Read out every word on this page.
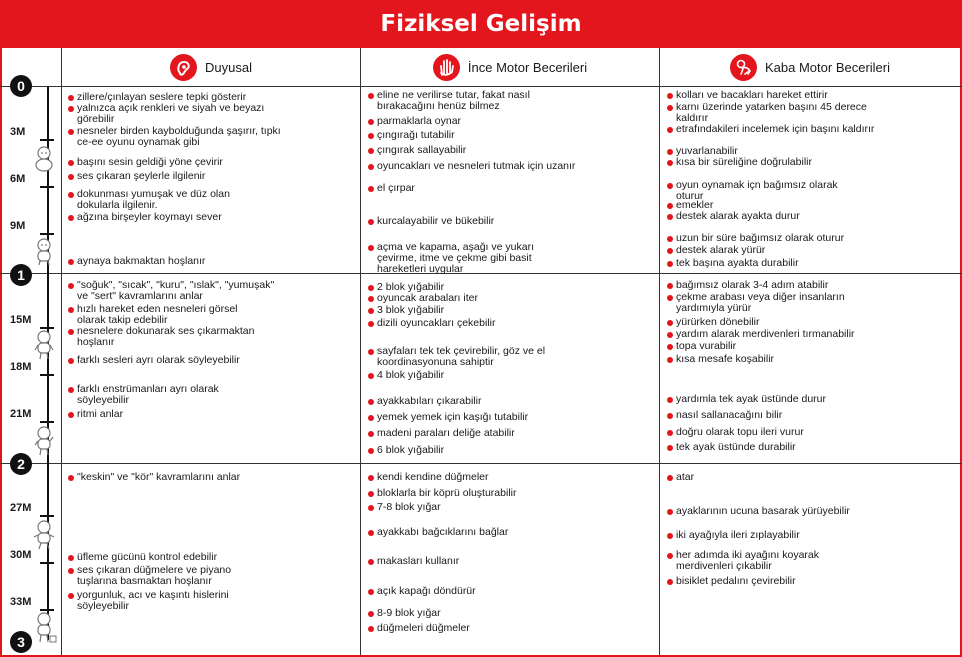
Fiziksel Gelişim
Duyusal	İnce Motor Becerileri	Kaba Motor Becerileri
0
1
2
3
3M
6M
9M
15M
18M
21M
27M
30M
33M
zillere/çınlayan seslere tepki gösterir
yalnızca açık renkleri ve siyah ve beyazı görebilir
nesneler birden kaybolduğunda şaşırır, tıpkı ce-ee oyunu oynamak gibi
başını sesin geldiği yöne çevirir
ses çıkaran şeylerle ilgilenir
dokunması yumuşak ve düz olan dokularla ilgilenir.
ağzına birşeyler koymayı sever
aynaya bakmaktan hoşlanır
eline ne verilirse tutar, fakat nasıl bırakacağını henüz bilmez
parmaklarla oynar
çıngırağı tutabilir
çıngırak sallayabilir
oyuncakları ve nesneleri tutmak için uzanır
el çırpar
kurcalayabilir ve bükebilir
açma ve kapama, aşağı ve yukarı çevirme, itme ve çekme gibi basit hareketleri uygular
kolları ve bacakları hareket ettirir
karnı üzerinde yatarken başını 45 derece kaldırır
etrafındakileri incelemek için başını kaldırır
yuvarlanabilir
kısa bir süreliğine doğrulabilir
oyun oynamak içn bağımsız olarak oturur
emekler
destek alarak ayakta durur
uzun bir süre bağımsız olarak oturur
destek alarak yürür
tek başına ayakta durabilir
"soğuk", "sıcak", "kuru", "ıslak", "yumuşak" ve "sert" kavramlarını anlar
hızlı hareket eden nesneleri görsel olarak takip edebilir
nesnelere dokunarak ses çıkarmaktan hoşlanır
farklı sesleri ayrı olarak söyleyebilir
farklı enstrümanları ayrı olarak söyleyebilir
ritmi anlar
2 blok yığabilir
oyuncak arabaları iter
3 blok yığabilir
dizili oyuncakları çekebilir
sayfaları tek tek çevirebilir, göz ve el koordinasyonuna sahiptir
4 blok yığabilir
ayakkabıları çıkarabilir
yemek yemek için kaşığı tutabilir
madeni paraları deliğe atabilir
6 blok yığabilir
bağımsız olarak 3-4 adım atabilir
çekme arabası veya diğer insanların yardımıyla yürür
yürürken dönebilir
yardım alarak merdivenleri tırmanabilir
topa vurabilir
kısa mesafe koşabilir
yardımla tek ayak üstünde durur
nasıl sallanacağını bilir
doğru olarak topu ileri vurur
tek ayak üstünde durabilir
"keskin" ve "kör" kavramlarını anlar
üfleme gücünü kontrol edebilir
ses çıkaran düğmelere ve piyano tuşlarına basmaktan hoşlanır
yorgunluk, acı ve kaşıntı hislerini söyleyebilir
kendi kendine düğmeler
bloklarla bir köprü oluşturabilir
7-8 blok yığar
ayakkabı bağcıklarını bağlar
makasları kullanır
açık kapağı döndürür
8-9 blok yığar
düğmeleri düğmeler
atar
ayaklarının ucuna basarak yürüyebilir
iki ayağıyla ileri zıplayabilir
her adımda iki ayağını koyarak merdivenleri çıkabilir
bisiklet pedalını çevirebilir
